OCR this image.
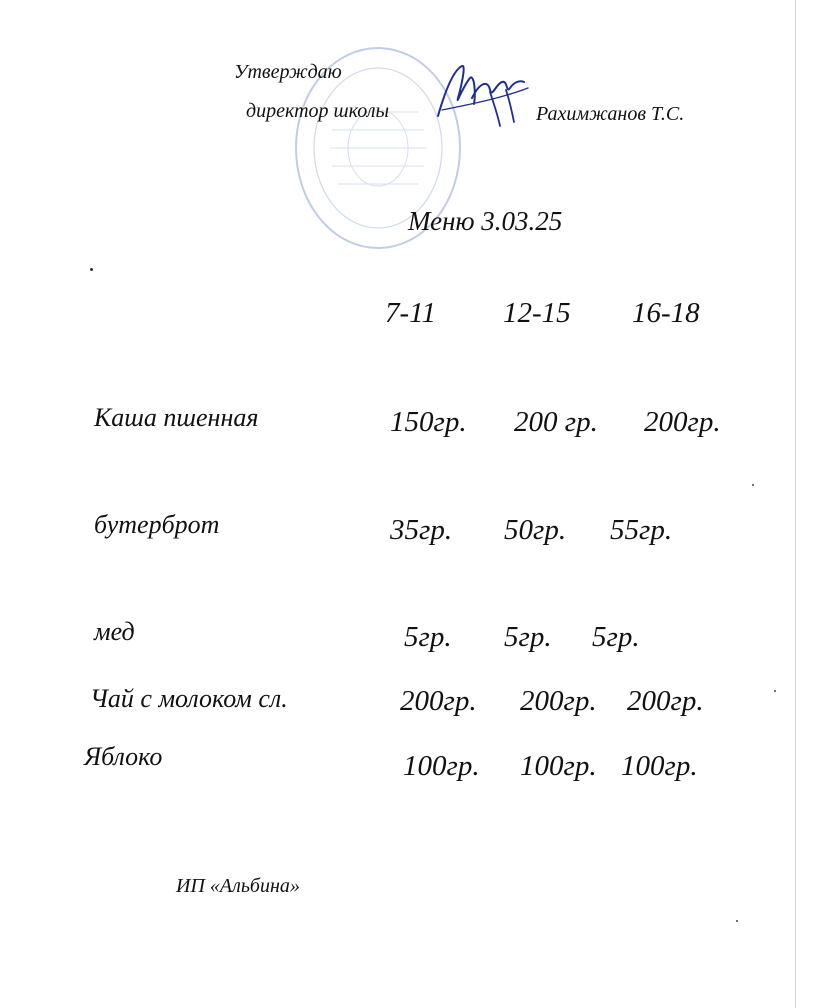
Утверждаю
директор школы	Рахимжанов Т.С.
Меню 3.03.25
7-11 12-15 16-18
Каша пшенная	150гр. 200 гр. 200гр.
бутерброт	35гр. 50гр. 55гр.
мед	5гр. 5гр. 5гр.
Чай с молоком сл.	200гр. 200гр. 200гр.
Яблоко	100гр. 100гр. 100гр.
ИП «Альбина»
